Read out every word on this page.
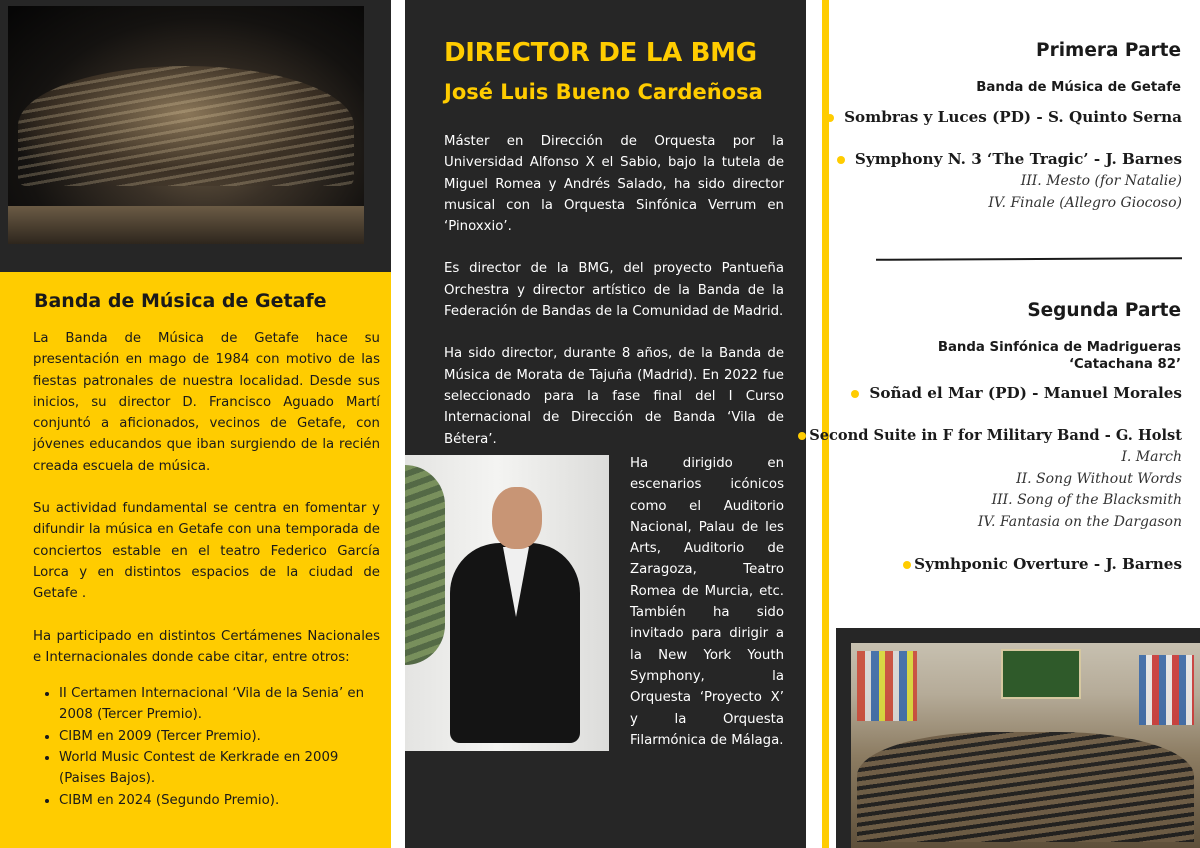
Banda de Música de Getafe

La Banda de Música de Getafe hace su presentación en mago de 1984 con motivo de las fiestas patronales de nuestra localidad. Desde sus inicios, su director D. Francisco Aguado Martí conjuntó a aficionados, vecinos de Getafe, con jóvenes educandos que iban surgiendo de la recién creada escuela de música.

Su actividad fundamental se centra en fomentar y difundir la música en Getafe con una temporada de conciertos estable en el teatro Federico García Lorca y en distintos espacios de la ciudad de Getafe .

Ha participado en distintos Certámenes Nacionales e Internacionales donde cabe citar, entre otros:

• II Certamen Internacional ‘Vila de la Senia’ en 2008 (Tercer Premio).
• CIBM en 2009 (Tercer Premio).
• World Music Contest de Kerkrade en 2009 (Paises Bajos).
• CIBM en 2024 (Segundo Premio).
DIRECTOR DE LA BMG
José Luis Bueno Cardeñosa

Máster en Dirección de Orquesta por la Universidad Alfonso X el Sabio, bajo la tutela de Miguel Romea y Andrés Salado, ha sido director musical con la Orquesta Sinfónica Verrum en ‘Pinoxxio’.

Es director de la BMG, del proyecto Pantueña Orchestra y director artístico de la Banda de la Federación de Bandas de la Comunidad de Madrid.

Ha sido director, durante 8 años, de la Banda de Música de Morata de Tajuña (Madrid). En 2022 fue seleccionado para la fase final del I Curso Internacional de Dirección de Banda ‘Vila de Bétera’.

Ha dirigido en escenarios icónicos como el Auditorio Nacional, Palau de les Arts, Auditorio de Zaragoza, Teatro Romea de Murcia, etc. También ha sido invitado para dirigir a la New York Youth Symphony, la Orquesta ‘Proyecto X’ y la Orquesta Filarmónica de Málaga.

Primera Parte
Banda de Música de Getafe
Sombras y Luces (PD) - S. Quinto Serna
Symphony N. 3 ‘The Tragic’ - J. Barnes
III. Mesto (for Natalie)
IV. Finale (Allegro Giocoso)
Segunda Parte
Banda Sinfónica de Madrigueras
‘Catachana 82’
Soñad el Mar (PD) - Manuel Morales
Second Suite in F for Military Band - G. Holst
I. March
II. Song Without Words
III. Song of the Blacksmith
IV. Fantasia on the Dargason
Symhponic Overture - J. Barnes
